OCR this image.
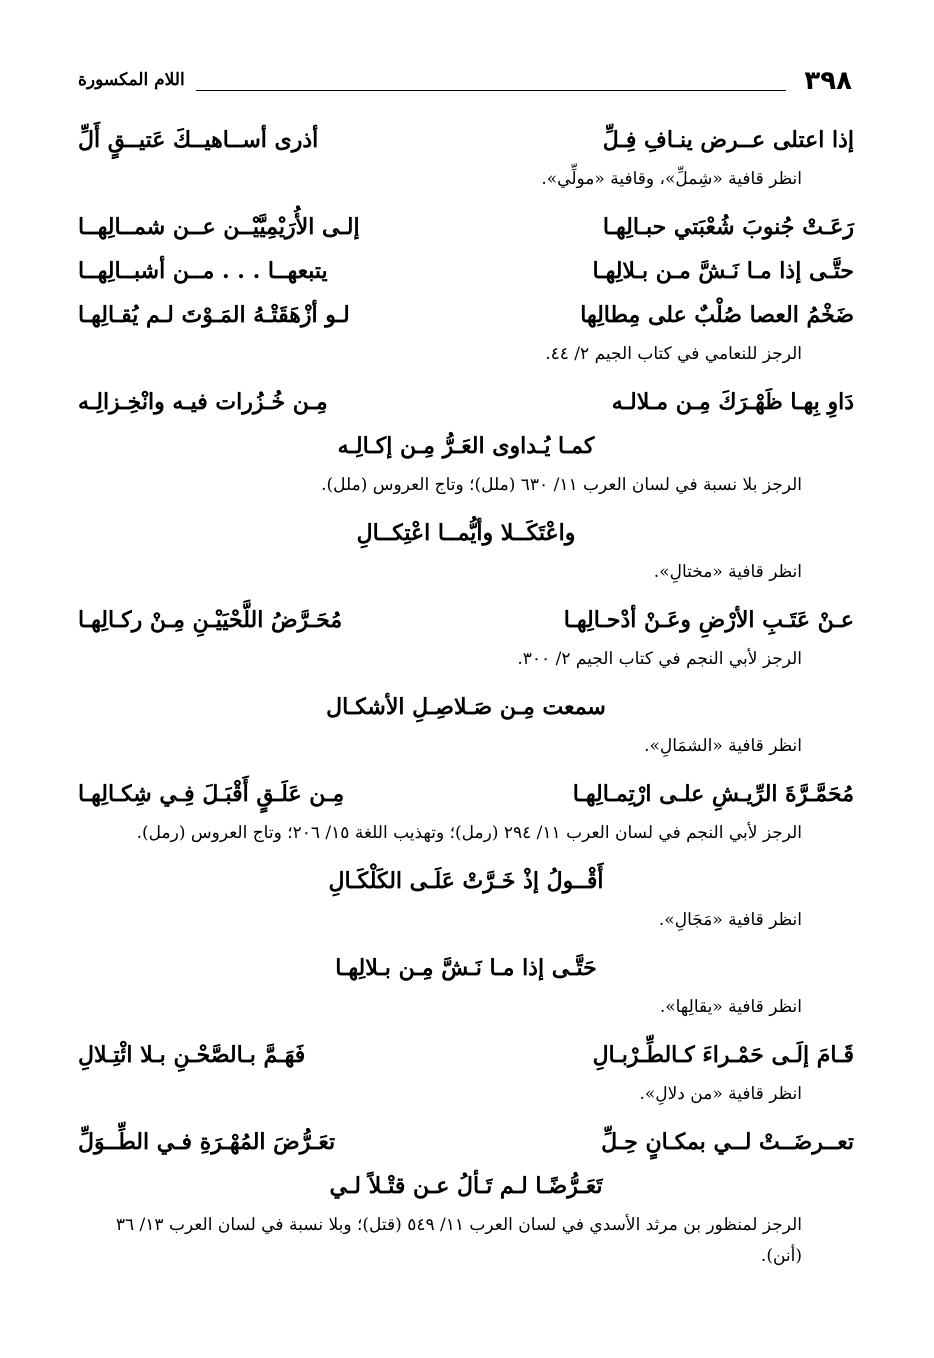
٣٩٨
اللام المكسورة
إذا اعتلى عــرض ينـافِ فِـلِّ
أذرى أســاهيــكَ عَتيــقٍ أَلِّ

انظر قافية «شِملِّ»، وقافية «مولِّي».

رَعَـتْ جُنوبَ شُعْبَتي حبـالِهـا
إلـى الأُرَيْمِيَّيْــن عــن شمــالِهــا
حتَّـى إذا مـا نَـشَّ مـن بـلالِهـا
يتبعهــا . . . مــن أشبــالِهــا
ضَخْمُ العصا صُلْبٌ على مِطالِها
لـو أزْهَقَتْـهُ المَـوْتَ لـم يُقـالِهـا

الرجز للنعامي في كتاب الجيم ٢/ ٤٤.

دَاوِ بِهـا ظَهْـرَكَ مِـن مـلالـه
مِـن خُـزُرات فيـه وانْخِـزالِـه
كمـا يُـداوى العَـرُّ مِـن إكـالِـه

الرجز بلا نسبة في لسان العرب ١١/ ٦٣٠ (ملل)؛ وتاج العروس (ملل).

واعْتَكَــلا وأيُّمــا اعْتِكــالِ

انظر قافية «مختالِ».

عـنْ عَتَـبِ الأرْضِ وعَـنْ أدْحـالِهـا
مُحَـرَّضُ اللَّحْيَيْـنِ مِـنْ ركـالِهـا

الرجز لأبي النجم في كتاب الجيم ٢/ ٣٠٠.

سمعت مِـن صَـلاصِـلِ الأشكـال

انظر قافية «الشمَالِ».

مُحَمَّـرَّةَ الرِّيـشِ علـى ارْتِمـالِهـا
مِـن عَلَـقٍ أَقْبَـلَ فِـي شِكـالِهـا

الرجز لأبي النجم في لسان العرب ١١/ ٢٩٤ (رمل)؛ وتهذيب اللغة ١٥/ ٢٠٦؛ وتاج العروس (رمل).

أَقْــولُ إذْ خَـرَّتْ عَلَـى الكَلْكَـالِ

انظر قافية «مَجَالِ».

حَتَّـى إذا مـا نَـشَّ مِـن بـلالِهـا

انظر قافية «يقالِها».

قَـامَ إلَـى حَمْـراءَ كـالطِّـرْبـالِ
فَهَـمَّ بـالصَّحْـنِ بـلا ائْتِـلالِ

انظر قافية «من دلالِ».

تعــرضَــتْ لــي بمكـانٍ حِـلِّ
تعَـرُّضَ المُهْـرَةِ فـي الطِّــوَلِّ
تَعَـرُّضًـا لـم تَـألُ عـن قتْـلاً لـي

الرجز لمنظور بن مرثد الأسدي في لسان العرب ١١/ ٥٤٩ (قتل)؛ وبلا نسبة في لسان العرب ١٣/ ٣٦ (أنن).
